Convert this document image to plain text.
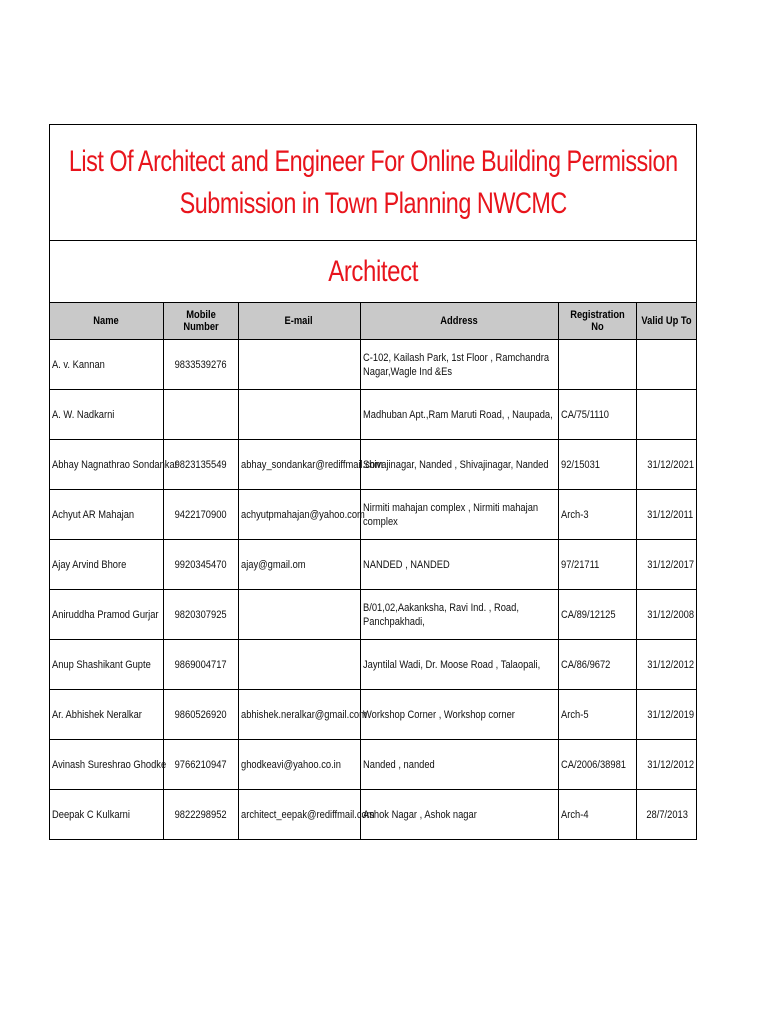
List Of Architect and Engineer For Online Building Permission
Submission in Town Planning NWCMC
Architect
Name	Mobile Number	E-mail	Address	Registration No	Valid Up To
A. v. Kannan	9833539276		C-102, Kailash Park, 1st Floor , Ramchandra Nagar,Wagle Ind &Es		
A. W. Nadkarni			Madhuban Apt.,Ram Maruti Road, , Naupada,	CA/75/1110	
Abhay Nagnathrao Sondankar	9823135549	abhay_sondankar@rediffmail.com	Shivajinagar, Nanded , Shivajinagar, Nanded	92/15031	31/12/2021
Achyut AR Mahajan	9422170900	achyutpmahajan@yahoo.com	Nirmiti mahajan complex , Nirmiti mahajan complex	Arch-3	31/12/2011
Ajay Arvind Bhore	9920345470	ajay@gmail.om	NANDED , NANDED	97/21711	31/12/2017
Aniruddha Pramod Gurjar	9820307925		B/01,02,Aakanksha, Ravi Ind. , Road, Panchpakhadi,	CA/89/12125	31/12/2008
Anup Shashikant Gupte	9869004717		Jayntilal Wadi, Dr. Moose Road , Talaopali,	CA/86/9672	31/12/2012
Ar. Abhishek Neralkar	9860526920	abhishek.neralkar@gmail.com	Workshop Corner , Workshop corner	Arch-5	31/12/2019
Avinash Sureshrao Ghodke	9766210947	ghodkeavi@yahoo.co.in	Nanded , nanded	CA/2006/38981	31/12/2012
Deepak C Kulkarni	9822298952	architect_eepak@rediffmail.com	Ashok Nagar , Ashok nagar	Arch-4	28/7/2013
